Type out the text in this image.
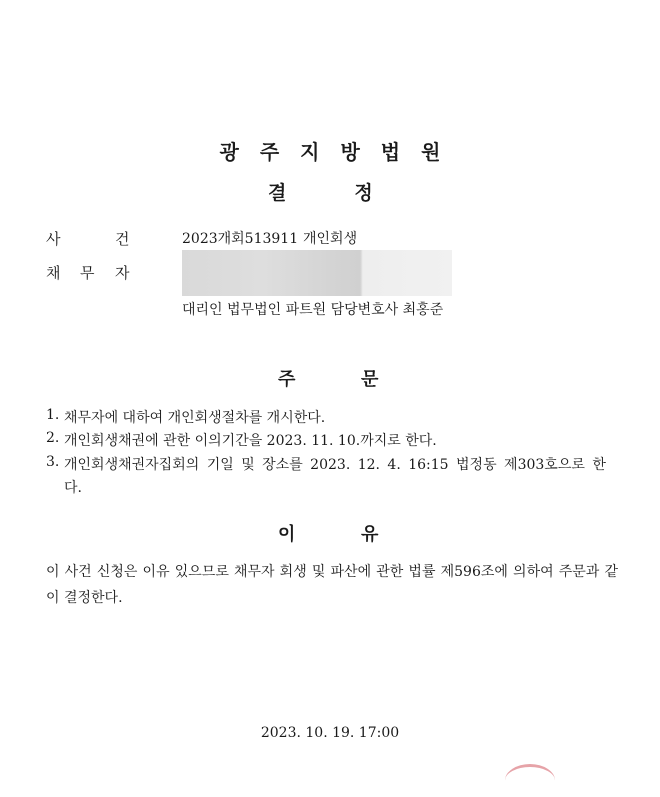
광주지방법원
결	정
사	건	2023개회513911 개인회생
채 무 자
대리인 법무법인 파트원 담당변호사 최홍준
주	문
1. 채무자에 대하여 개인회생절차를 개시한다.
2. 개인회생채권에 관한 이의기간을 2023. 11. 10.까지로 한다.
3. 개인회생채권자집회의 기일 및 장소를 2023. 12. 4. 16:15 법정동 제303호으로 한
다.
이	유
이 사건 신청은 이유 있으므로 채무자 회생 및 파산에 관한 법률 제596조에 의하여 주문과 같이 결정한다.
2023. 10. 19. 17:00
